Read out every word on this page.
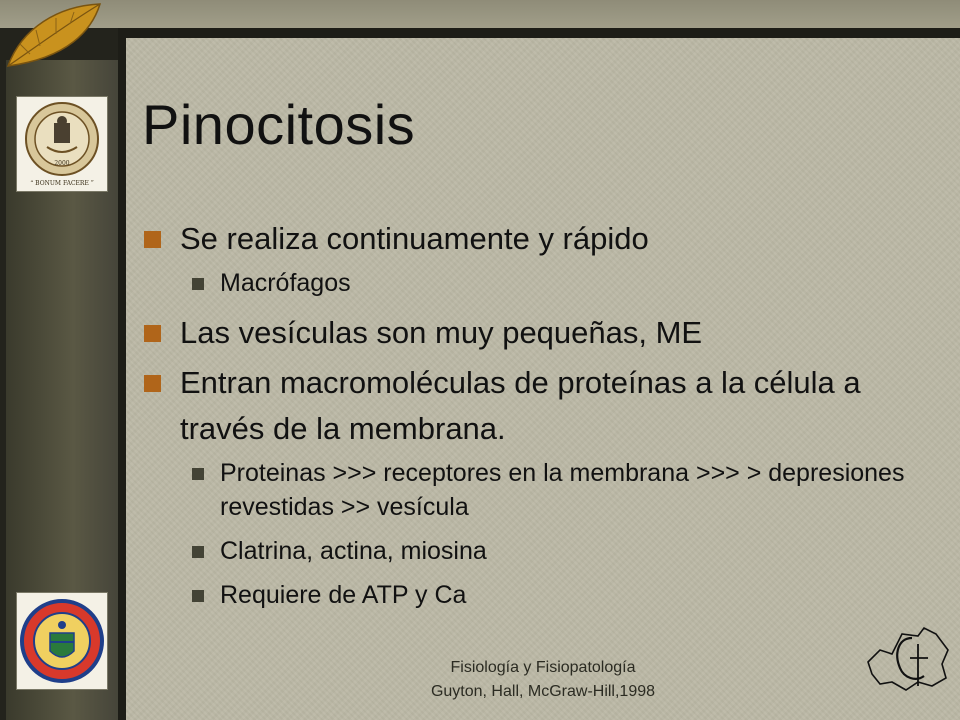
2000
“ BONUM FACERE ”
Pinocitosis
Se realiza continuamente y rápido
Macrófagos
Las vesículas son muy pequeñas, ME
Entran macromoléculas de proteínas a la célula a través de la membrana.
Proteinas >>> receptores en la membrana >>> > depresiones revestidas >> vesícula
Clatrina, actina, miosina
Requiere de ATP y Ca
Fisiología y Fisiopatología
Guyton, Hall, McGraw-Hill,1998
